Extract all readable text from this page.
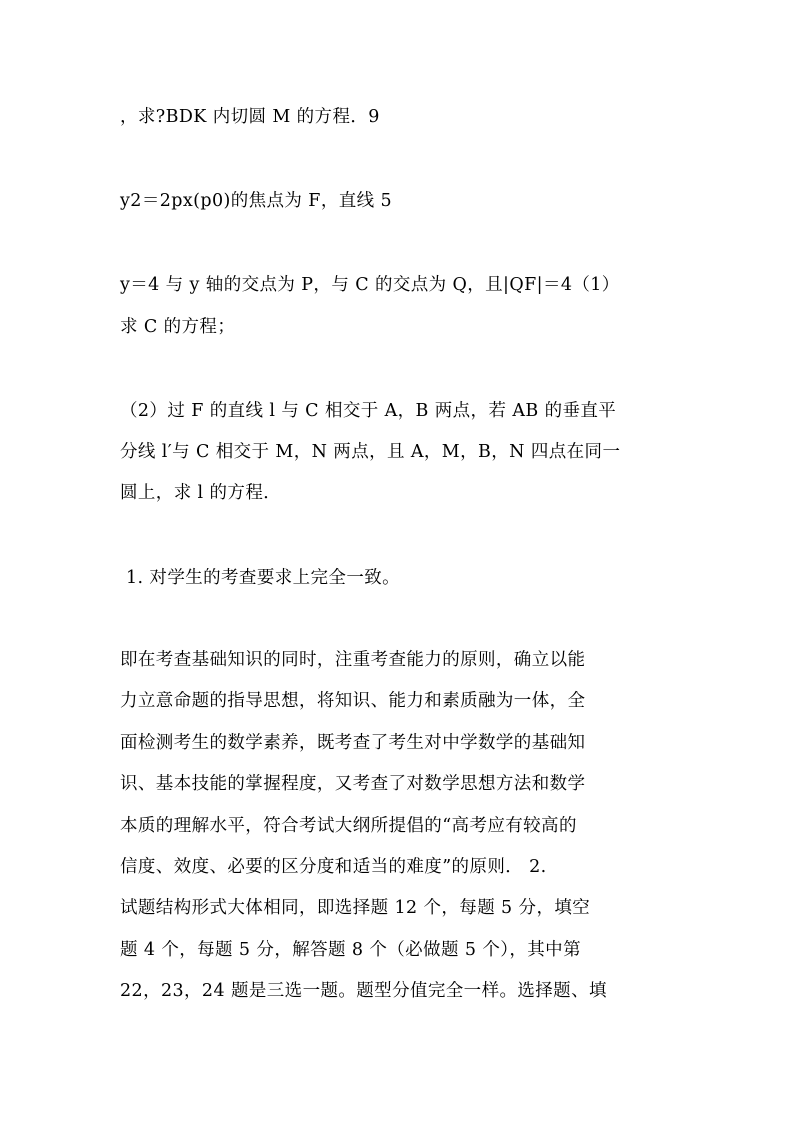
，求?BDK 内切圆 M 的方程．9

y2＝2px(p0)的焦点为 F，直线 5

y＝4 与 y 轴的交点为 P，与 C 的交点为 Q，且|QF|＝4（1）

求 C 的方程；

（2）过 F 的直线 l 与 C 相交于 A，B 两点，若 AB 的垂直平

分线 l′与 C 相交于 M，N 两点，且 A，M，B，N 四点在同一

圆上，求 l 的方程．

1. 对学生的考查要求上完全一致。

即在考查基础知识的同时，注重考查能力的原则，确立以能

力立意命题的指导思想，将知识、能力和素质融为一体，全

面检测考生的数学素养，既考查了考生对中学数学的基础知

识、基本技能的掌握程度，又考查了对数学思想方法和数学

本质的理解水平，符合考试大纲所提倡的“高考应有较高的

信度、效度、必要的区分度和适当的难度”的原则． 2.

试题结构形式大体相同，即选择题 12 个，每题 5 分，填空

题 4 个，每题 5 分，解答题 8 个（必做题 5 个），其中第

22，23，24 题是三选一题。题型分值完全一样。选择题、填
